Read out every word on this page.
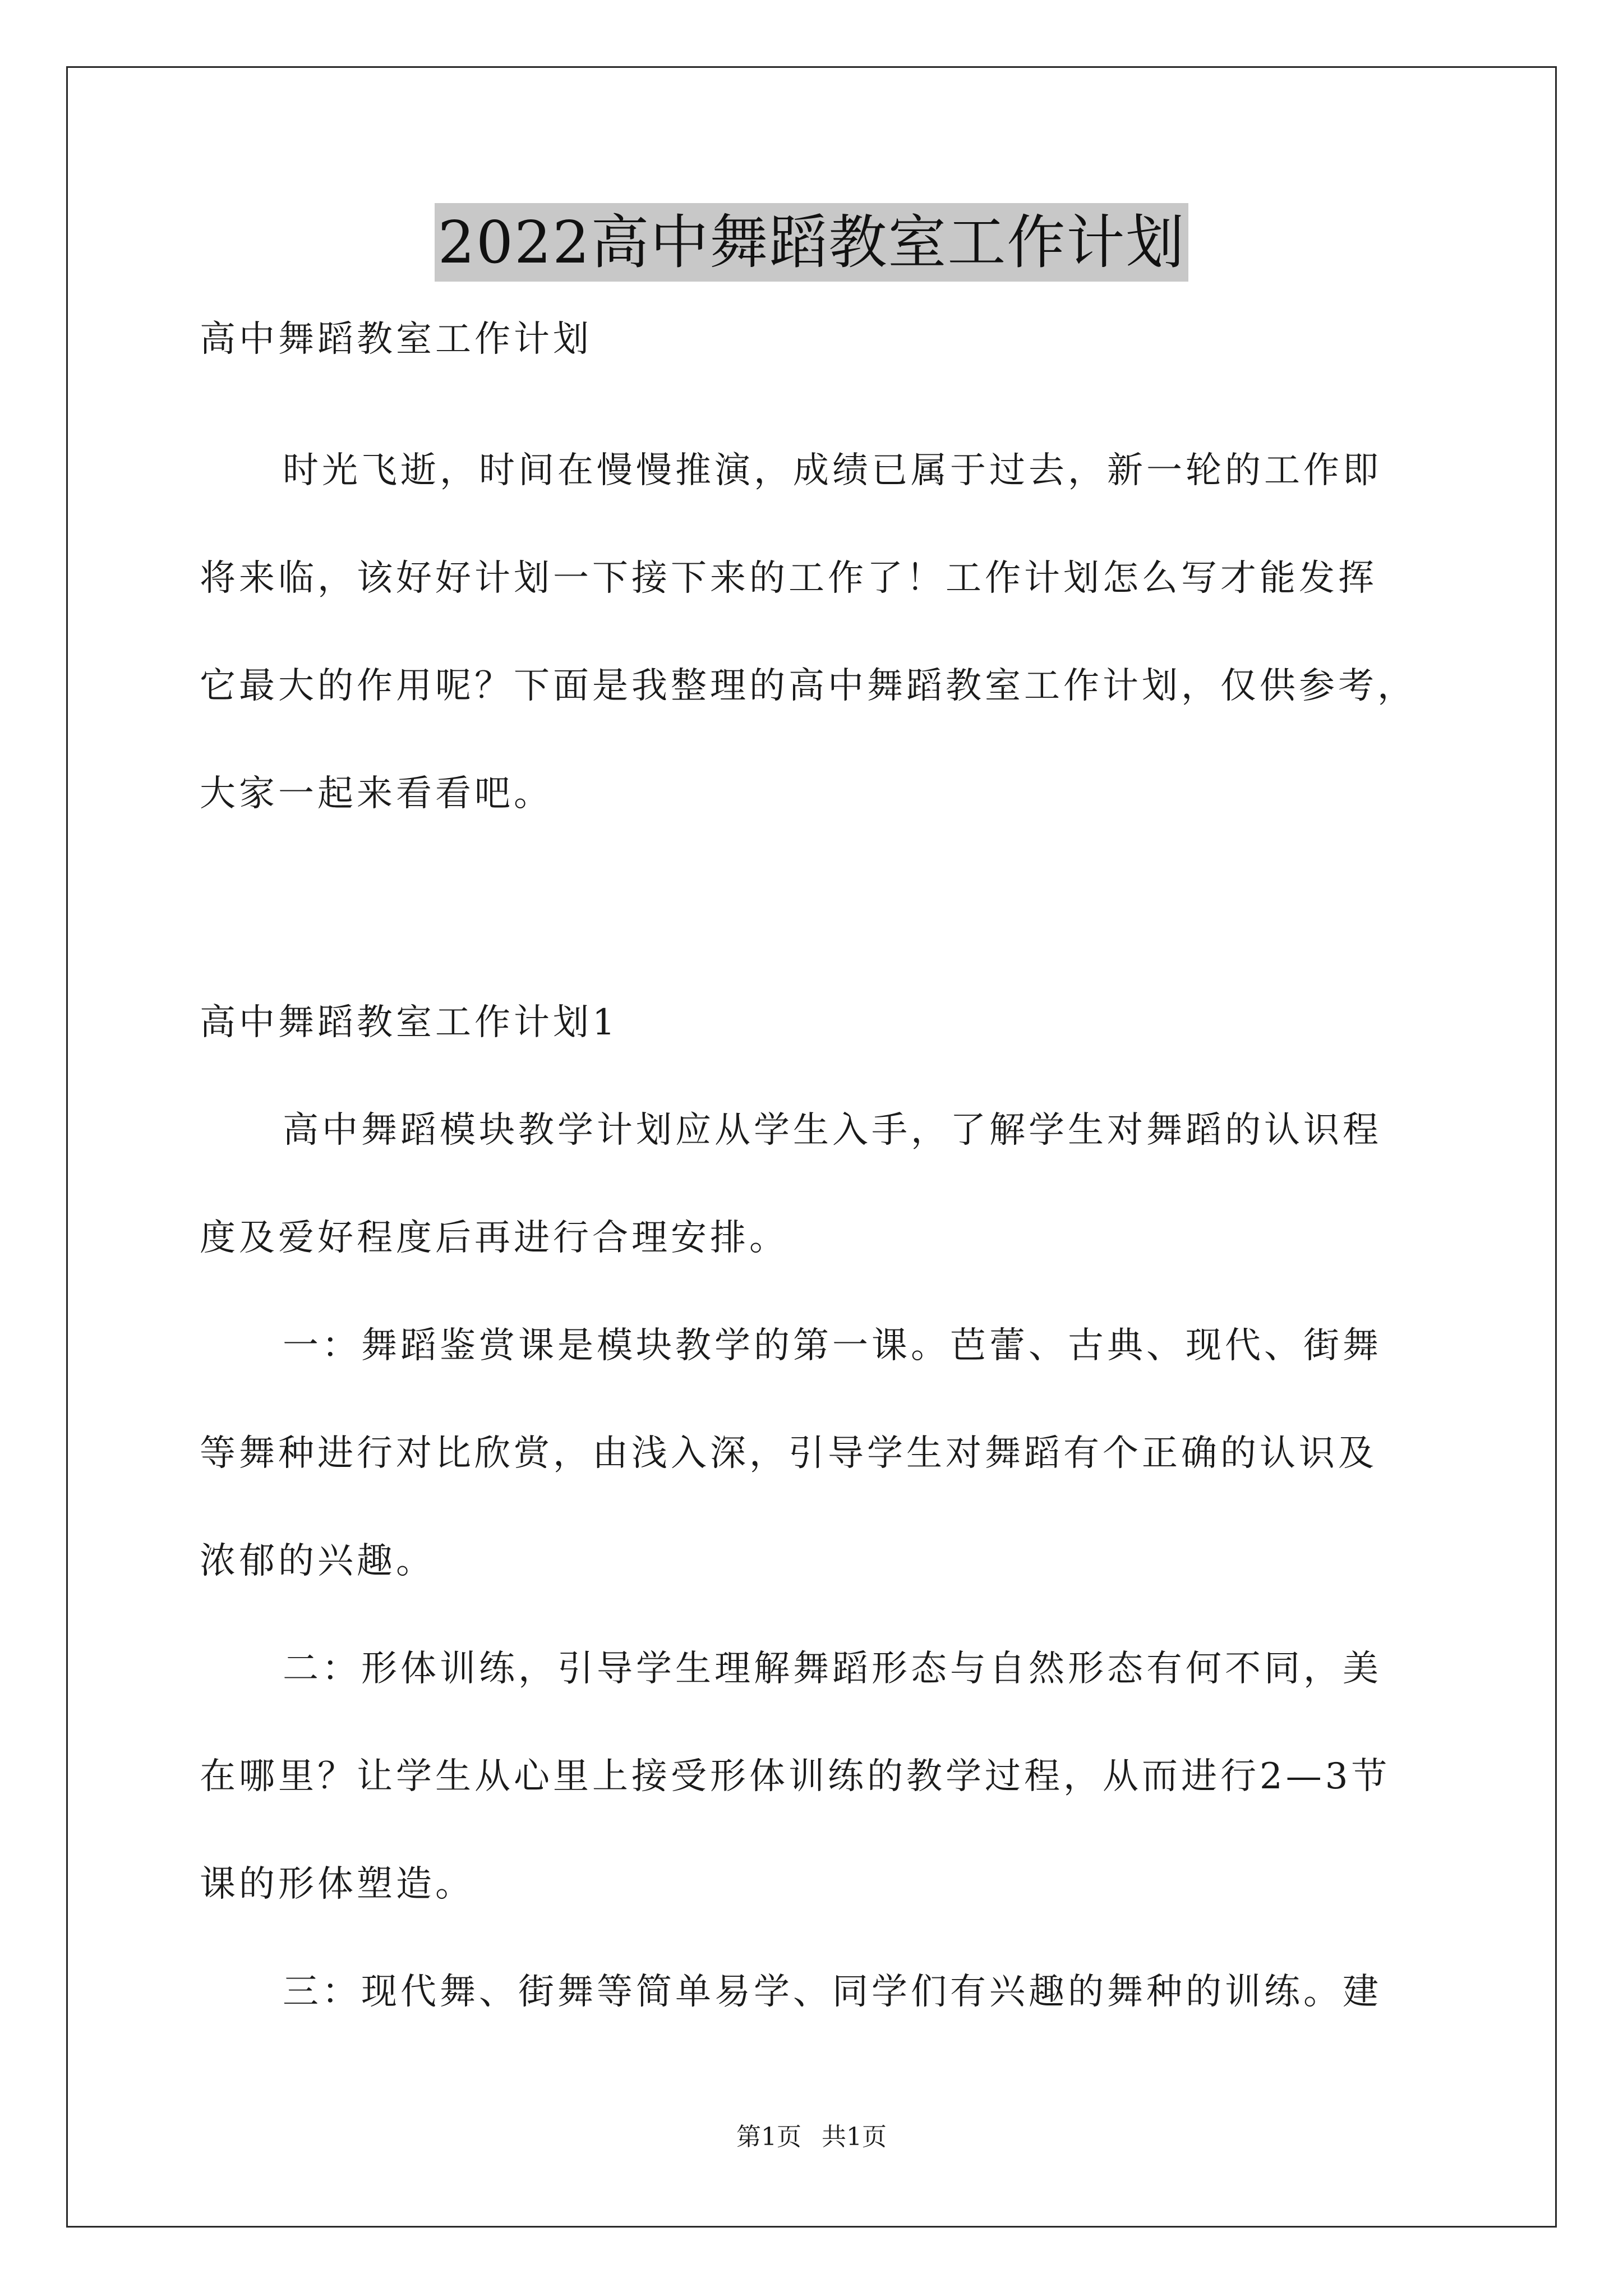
2022高中舞蹈教室工作计划
高中舞蹈教室工作计划
时光飞逝，时间在慢慢推演，成绩已属于过去，新一轮的工作即
将来临，该好好计划一下接下来的工作了！工作计划怎么写才能发挥
它最大的作用呢？下面是我整理的高中舞蹈教室工作计划，仅供参考，
大家一起来看看吧。
高中舞蹈教室工作计划1
高中舞蹈模块教学计划应从学生入手，了解学生对舞蹈的认识程
度及爱好程度后再进行合理安排。
一：舞蹈鉴赏课是模块教学的第一课。芭蕾、古典、现代、街舞
等舞种进行对比欣赏，由浅入深，引导学生对舞蹈有个正确的认识及
浓郁的兴趣。
二：形体训练，引导学生理解舞蹈形态与自然形态有何不同，美
在哪里？让学生从心里上接受形体训练的教学过程，从而进行2—3节
课的形体塑造。
三：现代舞、街舞等简单易学、同学们有兴趣的舞种的训练。建
第1页 共1页
